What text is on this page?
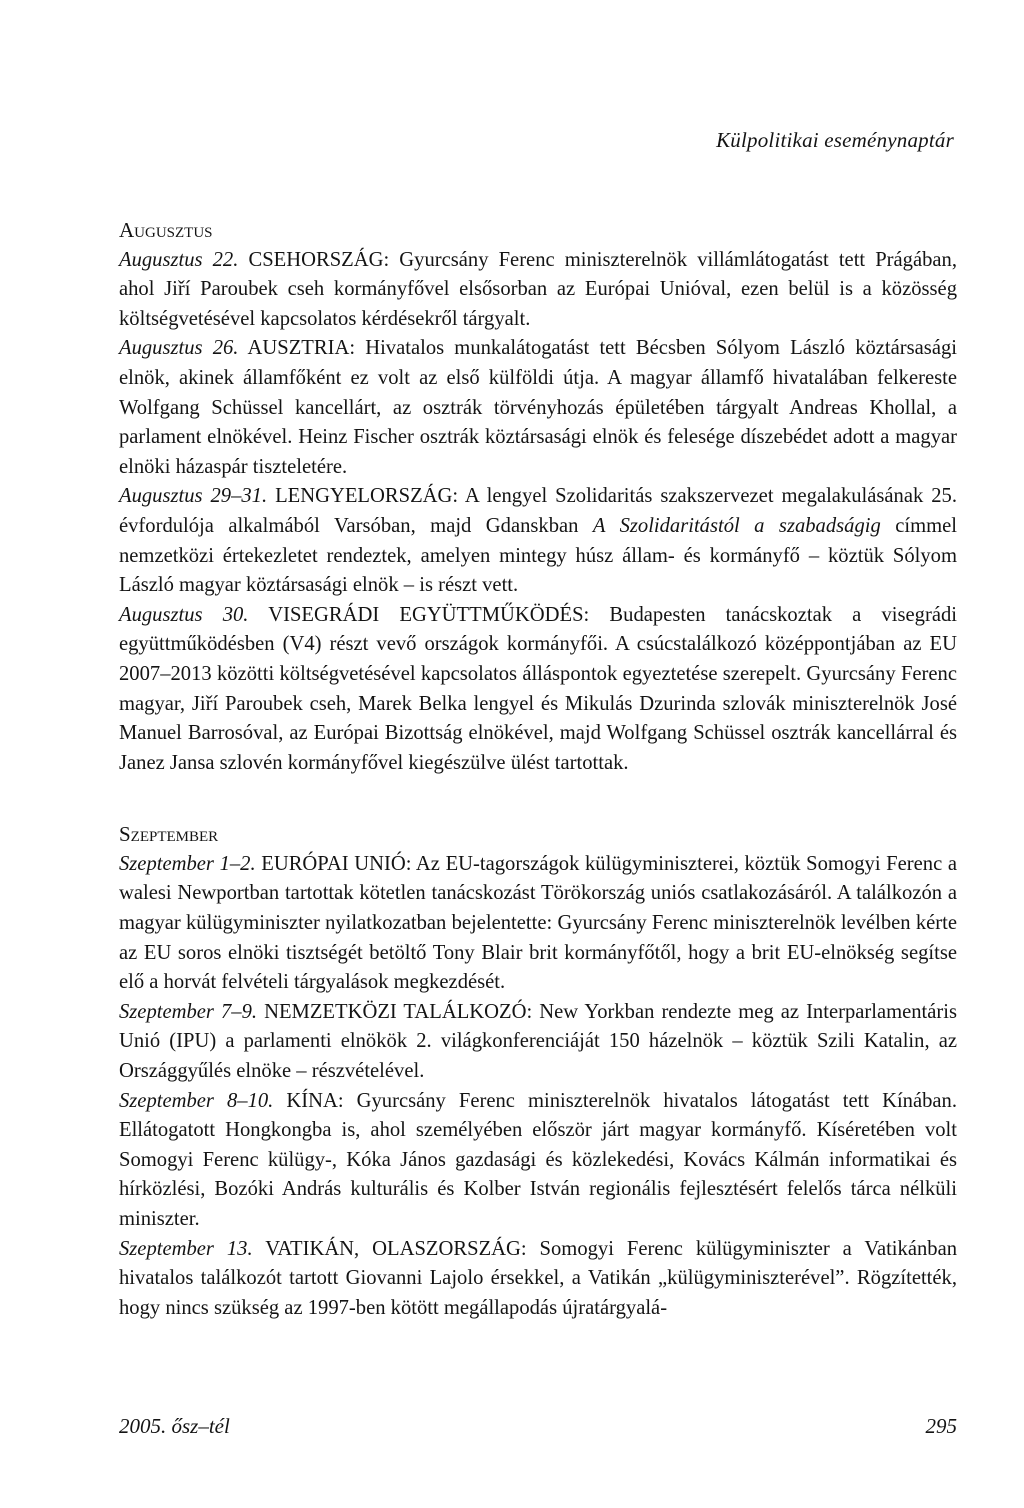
Külpolitikai eseménynaptár

Augusztus

Augusztus 22. CSEHORSZÁG: Gyurcsány Ferenc miniszterelnök villámlátogatást tett Prágában, ahol Jiří Paroubek cseh kormányfővel elsősorban az Európai Unióval, ezen belül is a közösség költségvetésével kapcsolatos kérdésekről tárgyalt.

Augusztus 26. AUSZTRIA: Hivatalos munkalátogatást tett Bécsben Sólyom László köztársasági elnök, akinek államfőként ez volt az első külföldi útja. A magyar államfő hivatalában felkereste Wolfgang Schüssel kancellárt, az osztrák törvényhozás épületében tárgyalt Andreas Khollal, a parlament elnökével. Heinz Fischer osztrák köztársasági elnök és felesége díszebédet adott a magyar elnöki házaspár tiszteletére.

Augusztus 29–31. LENGYELORSZÁG: A lengyel Szolidaritás szakszervezet megalakulásának 25. évfordulója alkalmából Varsóban, majd Gdanskban A Szolidaritástól a szabadságig címmel nemzetközi értekezletet rendeztek, amelyen mintegy húsz állam- és kormányfő – köztük Sólyom László magyar köztársasági elnök – is részt vett.

Augusztus 30. VISEGRÁDI EGYÜTTMŰKÖDÉS: Budapesten tanácskoztak a visegrádi együttműködésben (V4) részt vevő országok kormányfői. A csúcstalálkozó középpontjában az EU 2007–2013 közötti költségvetésével kapcsolatos álláspontok egyeztetése szerepelt. Gyurcsány Ferenc magyar, Jiří Paroubek cseh, Marek Belka lengyel és Mikulás Dzurinda szlovák miniszterelnök José Manuel Barrosóval, az Európai Bizottság elnökével, majd Wolfgang Schüssel osztrák kancellárral és Janez Jansa szlovén kormányfővel kiegészülve ülést tartottak.

Szeptember

Szeptember 1–2. EURÓPAI UNIÓ: Az EU-tagországok külügyminiszterei, köztük Somogyi Ferenc a walesi Newportban tartottak kötetlen tanácskozást Törökország uniós csatlakozásáról. A találkozón a magyar külügyminiszter nyilatkozatban bejelentette: Gyurcsány Ferenc miniszterelnök levélben kérte az EU soros elnöki tisztségét betöltő Tony Blair brit kormányfőtől, hogy a brit EU-elnökség segítse elő a horvát felvételi tárgyalások megkezdését.

Szeptember 7–9. NEMZETKÖZI TALÁLKOZÓ: New Yorkban rendezte meg az Interparlamentáris Unió (IPU) a parlamenti elnökök 2. világkonferenciáját 150 házelnök – köztük Szili Katalin, az Országgyűlés elnöke – részvételével.

Szeptember 8–10. KÍNA: Gyurcsány Ferenc miniszterelnök hivatalos látogatást tett Kínában. Ellátogatott Hongkongba is, ahol személyében először járt magyar kormányfő. Kíséretében volt Somogyi Ferenc külügy-, Kóka János gazdasági és közlekedési, Kovács Kálmán informatikai és hírközlési, Bozóki András kulturális és Kolber István regionális fejlesztésért felelős tárca nélküli miniszter.

Szeptember 13. VATIKÁN, OLASZORSZÁG: Somogyi Ferenc külügyminiszter a Vatikánban hivatalos találkozót tartott Giovanni Lajolo érsekkel, a Vatikán „külügyminiszterével”. Rögzítették, hogy nincs szükség az 1997-ben kötött megállapodás újratárgyalá-

2005. ősz–tél	295
